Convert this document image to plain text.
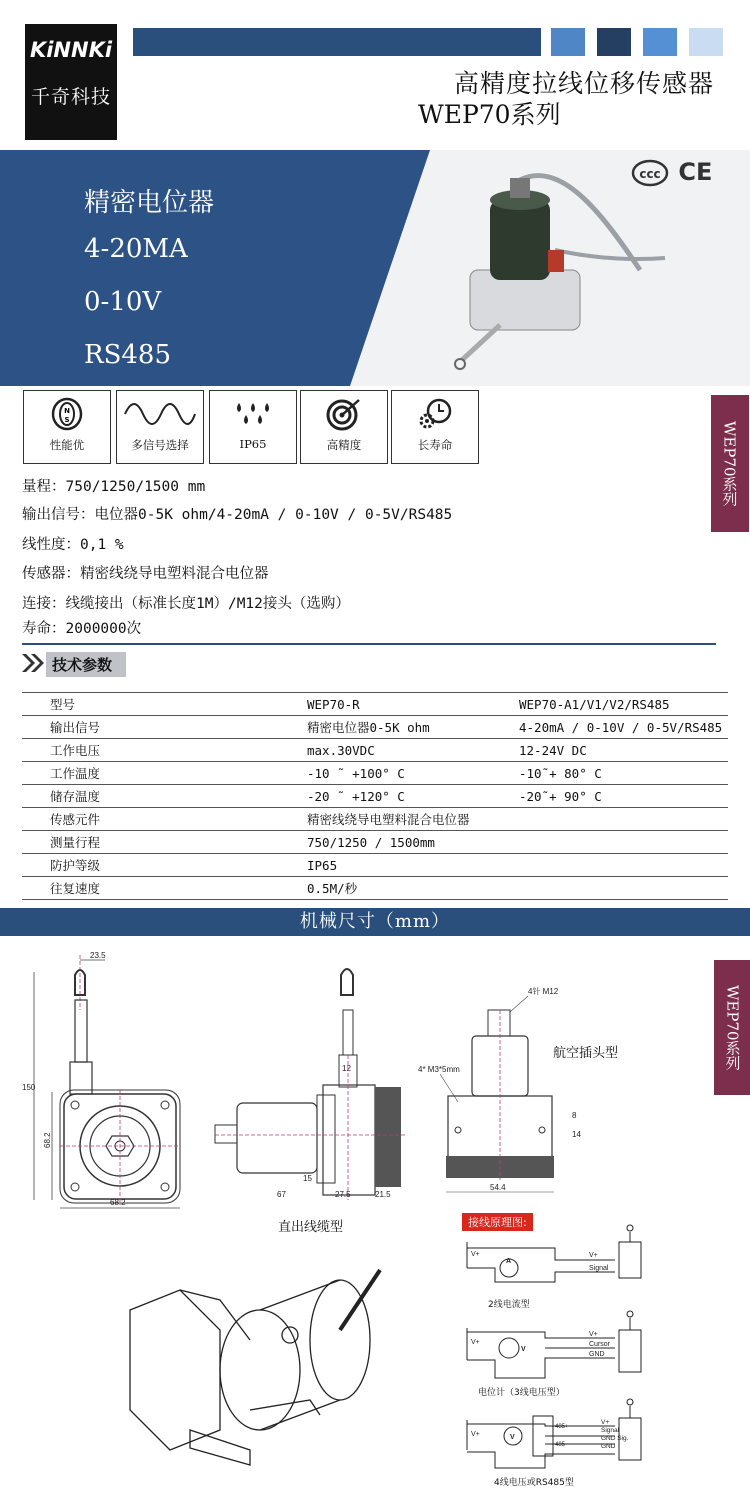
KiNNKi
千奇科技	高精度拉线位移传感器
WEP70系列
精密电位器
4-20MA
0-10V
RS485
ccc CE
N
S
性能优	多信号选择	IP65	高精度	长寿命	WEP70系列
量程：750/1250/1500 mm
输出信号：电位器0-5K ohm/4-20mA / 0-10V / 0-5V/RS485
线性度：0,1 %
传感器：精密线绕导电塑料混合电位器
连接：线缆接出（标准长度1M）/M12接头（选购）
寿命：2000000次
技术参数
型号	WEP70-R	WEP70-A1/V1/V2/RS485
输出信号	精密电位器0-5K ohm	4-20mA / 0-10V / 0-5V/RS485
工作电压	max.30VDC	12-24V DC
工作温度	-10 ˜ +100° C	-10˜+ 80° C
储存温度	-20 ˜ +120° C	-20˜+ 90° C
传感元件	精密线绕导电塑料混合电位器	
测量行程	750/1250 / 1500mm	
防护等级	IP65	
往复速度	0.5M/秒	
机械尺寸（mm）
WEP70系列
23.5
150
68.2
68.2
12
67
15
27.5	21.5
4针 M12
4* M3*5mm
8
14
54.4
航空插头型
直出线缆型	接线原理图:
V+
A
V+
Signal
V+
V
V+
Cursor
GND
V+	V
485+
485-
V+
Signal
GND Sig.
GND
2线电流型
电位计（3线电压型）
4线电压或RS485型
